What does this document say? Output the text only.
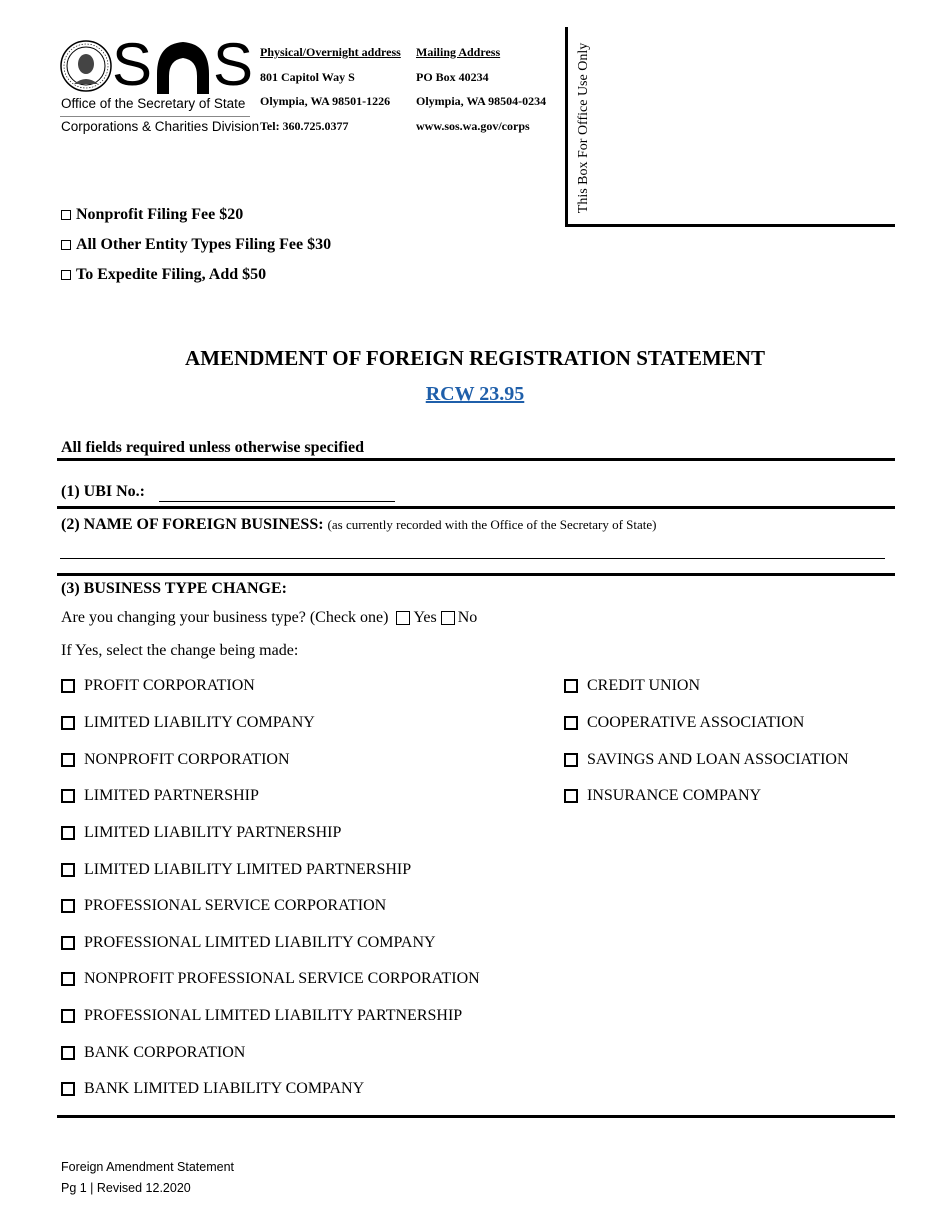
S S
Office of the Secretary of State
Corporations & Charities Division
Physical/Overnight address
801 Capitol Way S
Olympia, WA 98501-1226
Tel: 360.725.0377
Mailing Address
PO Box 40234
Olympia, WA 98504-0234
www.sos.wa.gov/corps	This Box For Office Use Only
Nonprofit Filing Fee $20
All Other Entity Types Filing Fee $30
To Expedite Filing, Add $50
AMENDMENT OF FOREIGN REGISTRATION STATEMENT
RCW 23.95
All fields required unless otherwise specified
(1) UBI No.:
(2) NAME OF FOREIGN BUSINESS: (as currently recorded with the Office of the Secretary of State)
(3) BUSINESS TYPE CHANGE:
Are you changing your business type? (Check one) Yes No
If Yes, select the change being made:
PROFIT CORPORATION
LIMITED LIABILITY COMPANY
NONPROFIT CORPORATION
LIMITED PARTNERSHIP
LIMITED LIABILITY PARTNERSHIP
LIMITED LIABILITY LIMITED PARTNERSHIP
PROFESSIONAL SERVICE CORPORATION
PROFESSIONAL LIMITED LIABILITY COMPANY
NONPROFIT PROFESSIONAL SERVICE CORPORATION
PROFESSIONAL LIMITED LIABILITY PARTNERSHIP
BANK CORPORATION
BANK LIMITED LIABILITY COMPANY
CREDIT UNION
COOPERATIVE ASSOCIATION
SAVINGS AND LOAN ASSOCIATION
INSURANCE COMPANY
Foreign Amendment Statement
Pg 1 | Revised 12.2020
